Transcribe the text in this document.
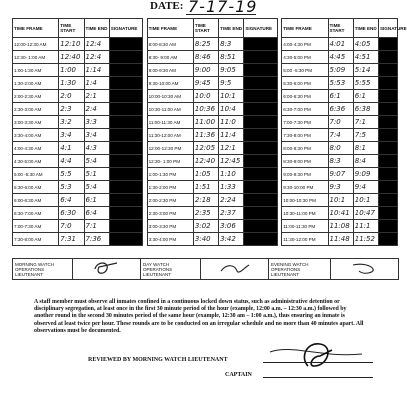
DATE: 7-17-19
TIME FRAME	TIME START	TIME END	SIGNATURE		TIME FRAME	TIME START	TIME END	SIGNATURE		TIME FRAME	TIME START	TIME END	SIGNATURE
12:00-12:30 AM	12:10	12:4			8:00-8:30 AM	8:25	8:3			4:00-4:30 PM	4:01	4:05	
12:30- 1:00 AM	12:40	12:4			8:30- 9:00 AM	8:46	8:51			4:30-5:00 PM	4:45	4:51	
1:00-1:30 AM	1:00	1:14			9:00-9:30 AM	9:00	9:05			5:00 -5:30 PM	5:09	5:14	
1:30-2:00 AM	1:30	1:4			9:30-10:00 AM	9:45	9:5			5:30-6:00 PM	5:53	5:55	
2:00-2:30 AM	2:0	2:1			10:00-10:30 AM	10:0	10:1			6:00-6:30 PM	6:1	6:1	
2:30-3:00 AM	2:3	2:4			10:30-11:00 AM	10:36	10:4			6:30-7:00 PM	6:36	6:38	
3:00-3:30 AM	3:2	3:3			11:00-11:30 AM	11:00	11:0			7:00-7:30 PM	7:0	7:1	
3:30-4:00 AM	3:4	3:4			11:30-12:00 AM	11:36	11:4			7:30-8:00 PM	7:4	7:5	
4:00-4:30 AM	4:1	4:3			12:00-12:30 PM	12:05	12:1			8:00-8:30 PM	8:0	8:1	
4:30-5:00 AM	4:4	5:4			12:30- 1:00 PM	12:40	12:45			8:30-9:00 PM	8:3	8:4	
5:00 -5:30 AM	5:5	5:1			1:00-1:30 PM	1:05	1:10			9:00-9:30 PM	9:07	9:09	
5:30-6:00 AM	5:3	5:4			1:30-2:00 PM	1:51	1:33			9:30-10:00 PM	9:3	9:4	
6:00-6:30 AM	6:4	6:1			2:00-2:30 PM	2:18	2:24			10:00-10:30 PM	10:1	10:1	
6:30-7:00 AM	6:30	6:4			2:30-3:00 PM	2:35	2:37			10:30-11:00 PM	10:41	10:47	
7:00-7:30 AM	7:0	7:1			3:00-3:30 PM	3:02	3:06			11:00-11:30 PM	11:08	11:1	
7:30-8:00 AM	7:31	7:36			3:30-4:00 PM	3:40	3:42			11:30-12:00 PM	11:48	11:52	
MORNING WATCH OPERATIONS LIEUTENANT		DAY WATCH OPERATIONS LIEUTENANT		EVENING WATCH OPERATIONS LIEUTENANT	

A staff member must observe all inmates confined in a continuous locked down status, such as administrative detention or disciplinary segregation, at least once in the first 30 minute period of the hour (example, 12:00 a.m. – 12:30 a.m.) followed by another round in the second 30 minutes period of the same hour (example, 12:30 am – 1:00 a.m.), thus ensuring an inmate is observed at least twice per hour. These rounds are to be conducted on an irregular schedule and no more than 40 minutes apart. All observations must be documented.

REVIEWED BY MORNING WATCH LIEUTENANT
CAPTAIN
